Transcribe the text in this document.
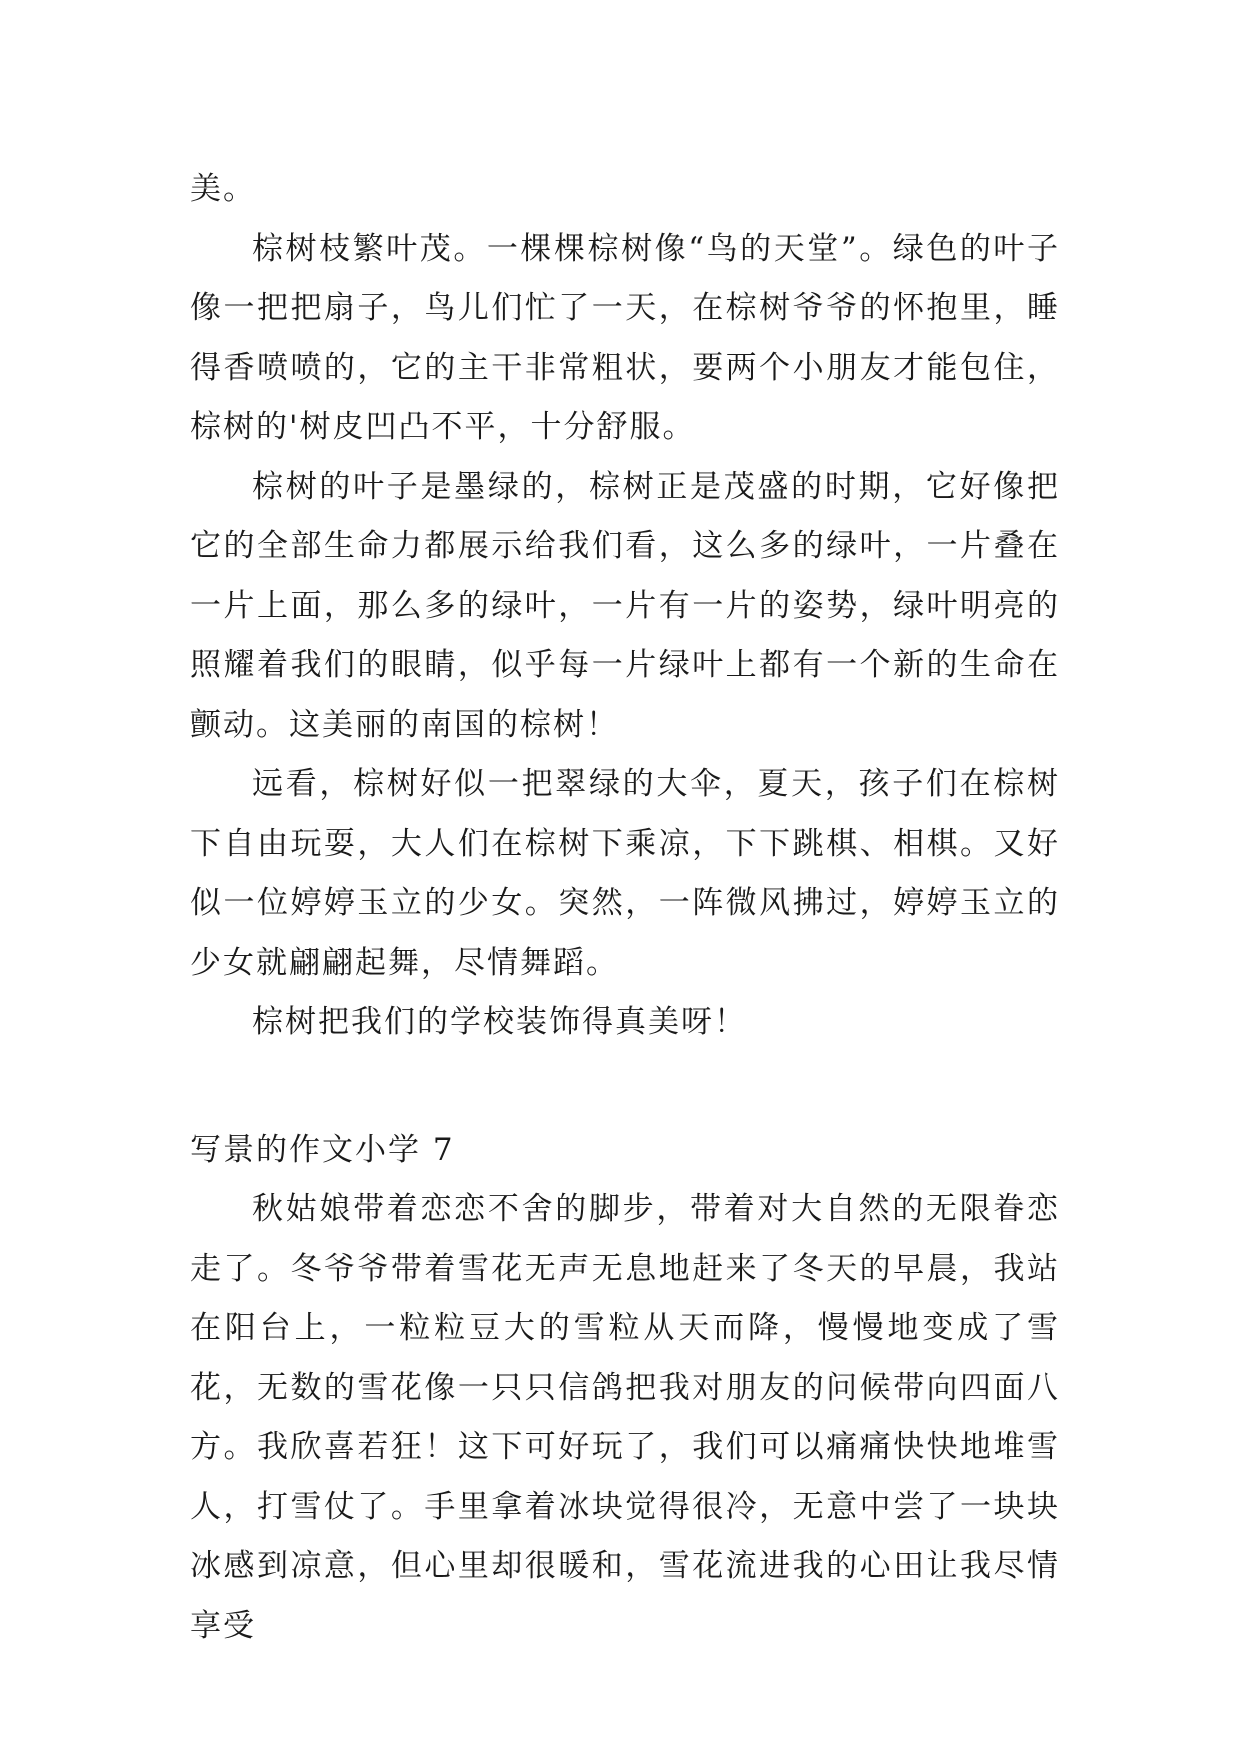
美。

棕树枝繁叶茂。一棵棵棕树像“鸟的天堂”。绿色的叶子像一把把扇子，鸟儿们忙了一天，在棕树爷爷的怀抱里，睡得香喷喷的，它的主干非常粗状，要两个小朋友才能包住，棕树的'树皮凹凸不平，十分舒服。

棕树的叶子是墨绿的，棕树正是茂盛的时期，它好像把它的全部生命力都展示给我们看，这么多的绿叶，一片叠在一片上面，那么多的绿叶，一片有一片的姿势，绿叶明亮的照耀着我们的眼睛，似乎每一片绿叶上都有一个新的生命在颤动。这美丽的南国的棕树！

远看，棕树好似一把翠绿的大伞，夏天，孩子们在棕树下自由玩耍，大人们在棕树下乘凉，下下跳棋、相棋。又好似一位婷婷玉立的少女。突然，一阵微风拂过，婷婷玉立的少女就翩翩起舞，尽情舞蹈。

棕树把我们的学校装饰得真美呀！

写景的作文小学 7

秋姑娘带着恋恋不舍的脚步，带着对大自然的无限眷恋走了。冬爷爷带着雪花无声无息地赶来了冬天的早晨，我站在阳台上，一粒粒豆大的雪粒从天而降，慢慢地变成了雪花，无数的雪花像一只只信鸽把我对朋友的问候带向四面八方。我欣喜若狂！这下可好玩了，我们可以痛痛快快地堆雪人，打雪仗了。手里拿着冰块觉得很冷，无意中尝了一块块冰感到凉意，但心里却很暖和，雪花流进我的心田让我尽情享受
